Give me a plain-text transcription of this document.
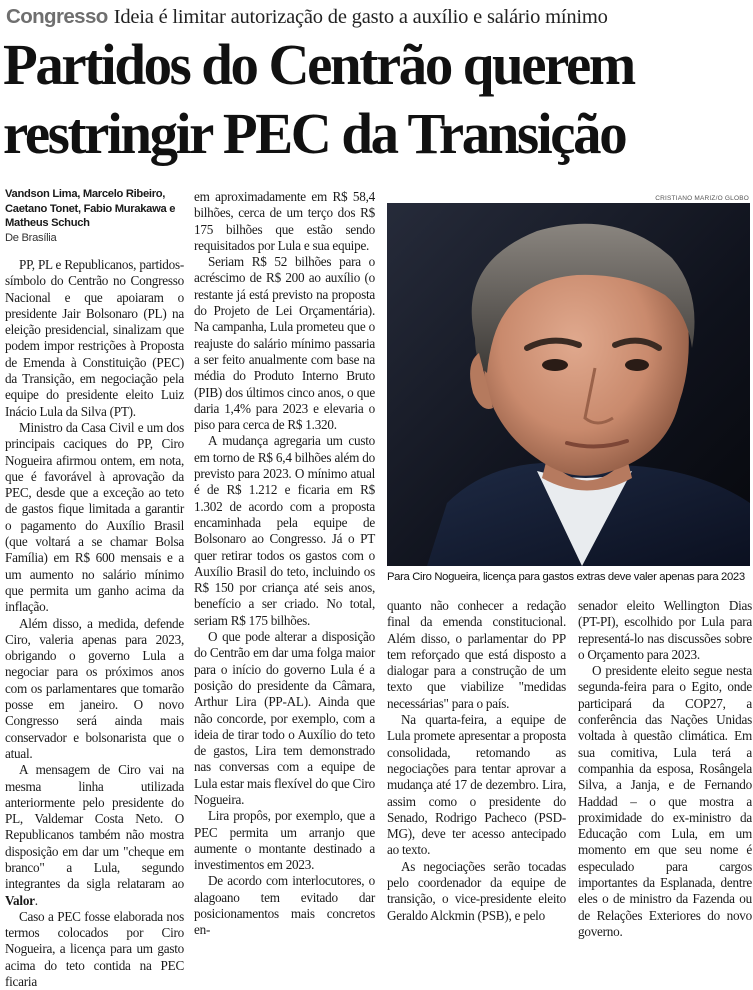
Congresso Ideia é limitar autorização de gasto a auxílio e salário mínimo
Partidos do Centrão querem
restringir PEC da Transição
CRISTIANO MARIZ/O GLOBO
Para Ciro Nogueira, licença para gastos extras deve valer apenas para 2023
Vandson Lima, Marcelo Ribeiro, Caetano Tonet, Fabio Murakawa e Matheus Schuch
De Brasília

PP, PL e Republicanos, partidos-símbolo do Centrão no Congresso Nacional e que apoiaram o presidente Jair Bolsonaro (PL) na eleição presidencial, sinalizam que podem impor restrições à Proposta de Emenda à Constituição (PEC) da Transição, em negociação pela equipe do presidente eleito Luiz Inácio Lula da Silva (PT).

Ministro da Casa Civil e um dos principais caciques do PP, Ciro Nogueira afirmou ontem, em nota, que é favorável à aprovação da PEC, desde que a exceção ao teto de gastos fique limitada a garantir o pagamento do Auxílio Brasil (que voltará a se chamar Bolsa Família) em R$ 600 mensais e a um aumento no salário mínimo que permita um ganho acima da inflação.

Além disso, a medida, defende Ciro, valeria apenas para 2023, obrigando o governo Lula a negociar para os próximos anos com os parlamentares que tomarão posse em janeiro. O novo Congresso será ainda mais conservador e bolsonarista que o atual.

A mensagem de Ciro vai na mesma linha utilizada anteriormente pelo presidente do PL, Valdemar Costa Neto. O Republicanos também não mostra disposição em dar um "cheque em branco" a Lula, segundo integrantes da sigla relataram ao Valor.

Caso a PEC fosse elaborada nos termos colocados por Ciro Nogueira, a licença para um gasto acima do teto contida na PEC ficaria

em aproximadamente em R$ 58,4 bilhões, cerca de um terço dos R$ 175 bilhões que estão sendo requisitados por Lula e sua equipe.

Seriam R$ 52 bilhões para o acréscimo de R$ 200 ao auxílio (o restante já está previsto na proposta do Projeto de Lei Orçamentária). Na campanha, Lula prometeu que o reajuste do salário mínimo passaria a ser feito anualmente com base na média do Produto Interno Bruto (PIB) dos últimos cinco anos, o que daria 1,4% para 2023 e elevaria o piso para cerca de R$ 1.320.

A mudança agregaria um custo em torno de R$ 6,4 bilhões além do previsto para 2023. O mínimo atual é de R$ 1.212 e ficaria em R$ 1.302 de acordo com a proposta encaminhada pela equipe de Bolsonaro ao Congresso. Já o PT quer retirar todos os gastos com o Auxílio Brasil do teto, incluindo os R$ 150 por criança até seis anos, benefício a ser criado. No total, seriam R$ 175 bilhões.

O que pode alterar a disposição do Centrão em dar uma folga maior para o início do governo Lula é a posição do presidente da Câmara, Arthur Lira (PP-AL). Ainda que não concorde, por exemplo, com a ideia de tirar todo o Auxílio do teto de gastos, Lira tem demonstrado nas conversas com a equipe de Lula estar mais flexível do que Ciro Nogueira.

Lira propôs, por exemplo, que a PEC permita um arranjo que aumente o montante destinado a investimentos em 2023.

De acordo com interlocutores, o alagoano tem evitado dar posicionamentos mais concretos en-

quanto não conhecer a redação final da emenda constitucional. Além disso, o parlamentar do PP tem reforçado que está disposto a dialogar para a construção de um texto que viabilize "medidas necessárias" para o país.

Na quarta-feira, a equipe de Lula promete apresentar a proposta consolidada, retomando as negociações para tentar aprovar a mudança até 17 de dezembro. Lira, assim como o presidente do Senado, Rodrigo Pacheco (PSD-MG), deve ter acesso antecipado ao texto.

As negociações serão tocadas pelo coordenador da equipe de transição, o vice-presidente eleito Geraldo Alckmin (PSB), e pelo

senador eleito Wellington Dias (PT-PI), escolhido por Lula para representá-lo nas discussões sobre o Orçamento para 2023.

O presidente eleito segue nesta segunda-feira para o Egito, onde participará da COP27, a conferência das Nações Unidas voltada à questão climática. Em sua comitiva, Lula terá a companhia da esposa, Rosângela Silva, a Janja, e de Fernando Haddad – o que mostra a proximidade do ex-ministro da Educação com Lula, em um momento em que seu nome é especulado para cargos importantes da Esplanada, dentre eles o de ministro da Fazenda ou de Relações Exteriores do novo governo.
